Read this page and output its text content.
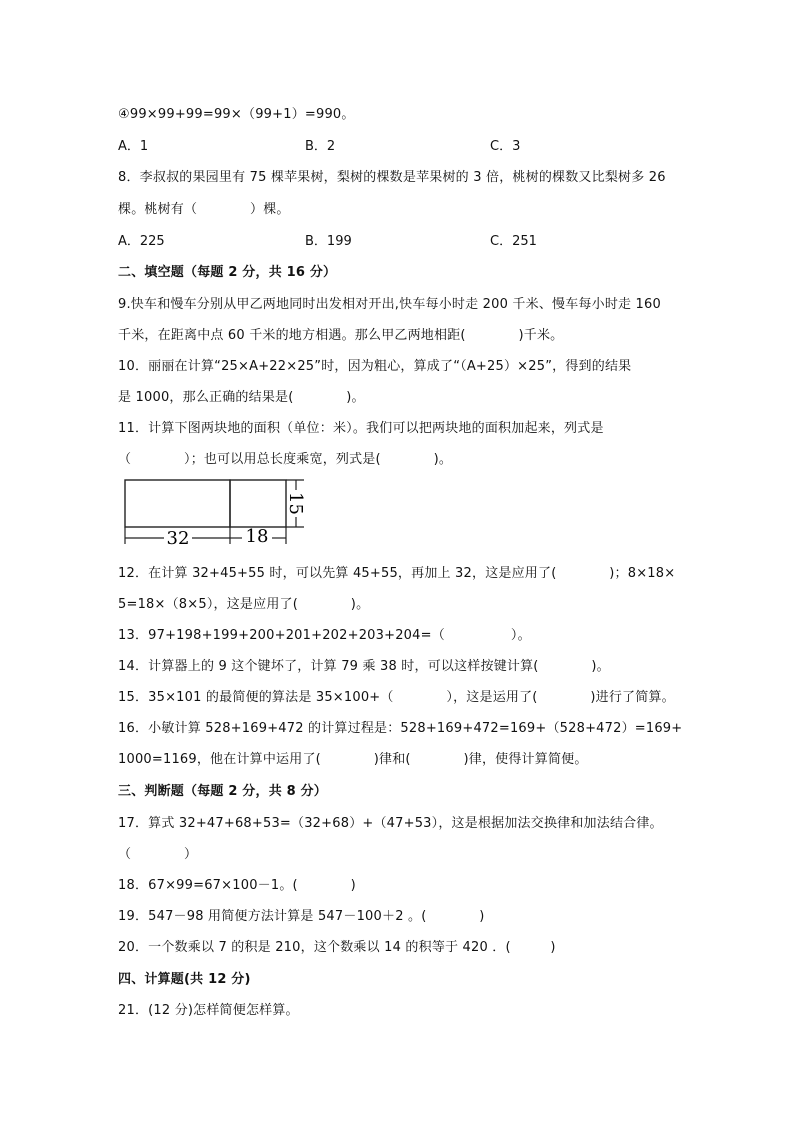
④99×99+99=99×（99+1）=990。
A．1	B．2	C．3
8．李叔叔的果园里有 75 棵苹果树，梨树的棵数是苹果树的 3 倍，桃树的棵数又比梨树多 26
棵。桃树有（　　　　）棵。
A．225	B．199	C．251
二、填空题（每题 2 分，共 16 分）
9.快车和慢车分别从甲乙两地同时出发相对开出,快车每小时走 200 千米、慢车每小时走 160
千米，在距离中点 60 千米的地方相遇。那么甲乙两地相距(　　　　)千米。
10．丽丽在计算“25×A+22×25”时，因为粗心，算成了“（A+25）×25”，得到的结果
是 1000，那么正确的结果是(　　　　)。
11．计算下图两块地的面积（单位：米）。我们可以把两块地的面积加起来，列式是
（　　　　）；也可以用总长度乘宽，列式是(　　　　)。
32	18
15
12．在计算 32+45+55 时，可以先算 45+55，再加上 32，这是应用了(　　　　)；8×18×
5=18×（8×5），这是应用了(　　　　)。
13．97+198+199+200+201+202+203+204=（　　　　　）。
14．计算器上的 9 这个键坏了，计算 79 乘 38 时，可以这样按键计算(　　　　)。
15．35×101 的最简便的算法是 35×100+（　　　　），这是运用了(　　　　)进行了简算。
16．小敏计算 528+169+472 的计算过程是：528+169+472=169+（528+472）=169+
1000=1169，他在计算中运用了(　　　　)律和(　　　　)律，使得计算简便。
三、判断题（每题 2 分，共 8 分）
17．算式 32+47+68+53=（32+68）+（47+53），这是根据加法交换律和加法结合律。
（　　　　）
18．67×99=67×100－1。(　　　　)
19．547－98 用简便方法计算是 547－100＋2 。(　　　　)
20．一个数乘以 7 的积是 210，这个数乘以 14 的积等于 420 ．(　　　)
四、计算题(共 12 分)
21．(12 分)怎样简便怎样算。
